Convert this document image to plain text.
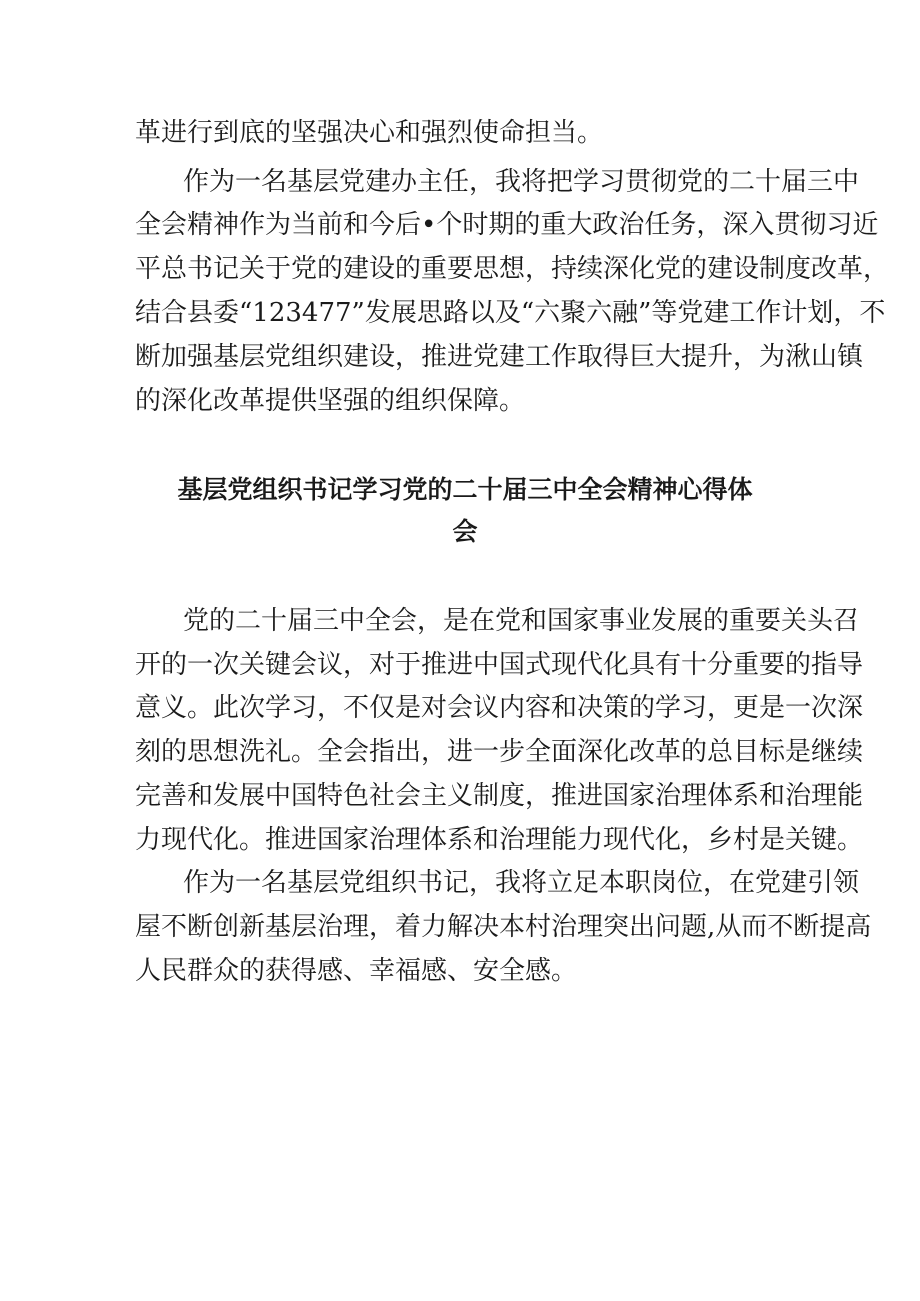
革进行到底的坚强决心和强烈使命担当。
作为一名基层党建办主任，我将把学习贯彻党的二十届三中
全会精神作为当前和今后•个时期的重大政治任务，深入贯彻习近
平总书记关于党的建设的重要思想，持续深化党的建设制度改革，
结合县委“123477”发展思路以及“六聚六融”等党建工作计划，不
断加强基层党组织建设，推进党建工作取得巨大提升，为湫山镇
的深化改革提供坚强的组织保障。
基层党组织书记学习党的二十届三中全会精神心得体
会
党的二十届三中全会，是在党和国家事业发展的重要关头召
开的一次关键会议，对于推进中国式现代化具有十分重要的指导
意义。此次学习，不仅是对会议内容和决策的学习，更是一次深
刻的思想洗礼。全会指出，进一步全面深化改革的总目标是继续
完善和发展中国特色社会主义制度，推进国家治理体系和治理能
力现代化。推进国家治理体系和治理能力现代化，乡村是关键。
作为一名基层党组织书记，我将立足本职岗位，在党建引领
屋不断创新基层治理，着力解决本村治理突出问题,从而不断提高
人民群众的获得感、幸福感、安全感。
